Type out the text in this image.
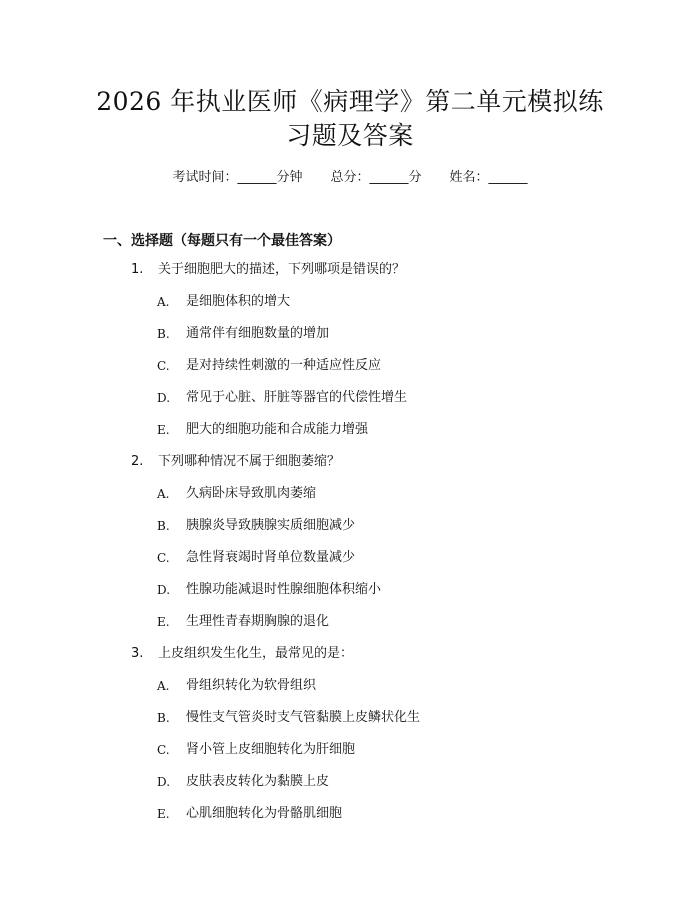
2026 年执业医师《病理学》第二单元模拟练
习题及答案
考试时间：______分钟 总分：______分 姓名：______
一、选择题（每题只有一个最佳答案）
1. 关于细胞肥大的描述，下列哪项是错误的？
A. 是细胞体积的增大
B. 通常伴有细胞数量的增加
C. 是对持续性刺激的一种适应性反应
D. 常见于心脏、肝脏等器官的代偿性增生
E. 肥大的细胞功能和合成能力增强
2. 下列哪种情况不属于细胞萎缩？
A. 久病卧床导致肌肉萎缩
B. 胰腺炎导致胰腺实质细胞减少
C. 急性肾衰竭时肾单位数量减少
D. 性腺功能减退时性腺细胞体积缩小
E. 生理性青春期胸腺的退化
3. 上皮组织发生化生，最常见的是：
A. 骨组织转化为软骨组织
B. 慢性支气管炎时支气管黏膜上皮鳞状化生
C. 肾小管上皮细胞转化为肝细胞
D. 皮肤表皮转化为黏膜上皮
E. 心肌细胞转化为骨骼肌细胞
